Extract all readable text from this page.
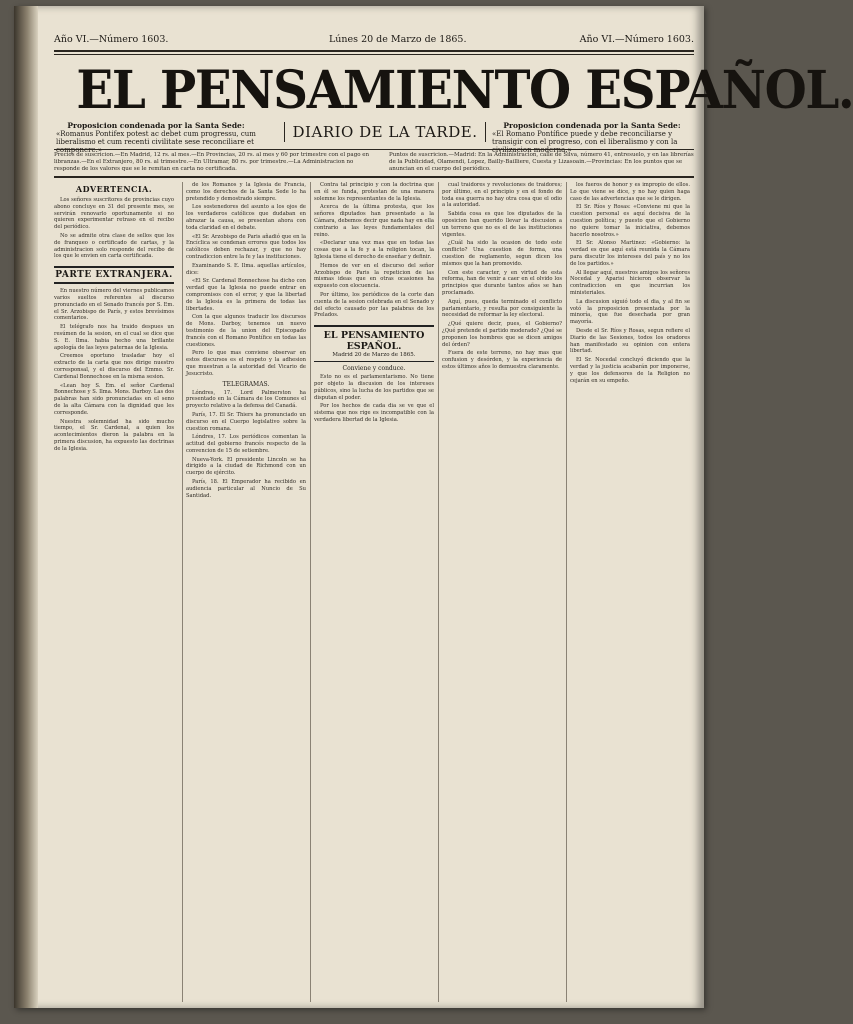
Año VI.—Número 1603.	Lúnes 20 de Marzo de 1865.	Año VI.—Número 1603.
EL PENSAMIENTO ESPAÑOL.
Proposicion condenada por la Santa Sede:
«Romanus Pontifex potest ac debet cum progressu, cum liberalismo et cum recenti civilitate sese reconciliare et componere.»
DIARIO DE LA TARDE.	Proposicion condenada por la Santa Sede:
«El Romano Pontífice puede y debe reconciliarse y transigir con el progreso, con el liberalismo y con la civilizacion moderna.»
Precios de suscricion.—En Madrid, 12 rs. al mes.—En Provincias, 20 rs. al mes y 60 por trimestre con el pago en libranzas.—En el Extranjero, 80 rs. al trimestre.—En Ultramar, 80 rs. por trimestre.—La Administracion no responde de los valores que se le remitan en carta no certificada.
Puntos de suscricion.—Madrid: En la Administracion, calle de Silva, número 41, entresuelo, y en las librerías de la Publicidad, Olamendi, Lopez, Bailly-Bailliere, Cuesta y Lizasoain.—Provincias: En los puntos que se anuncian en el cuerpo del periódico.
ADVERTENCIA.

Los señores suscritores de provincias cuyo abono concluye en 31 del presente mes, se servirán renovarlo oportunamente si no quieren experimentar retraso en el recibo del periódico.

No se admite otra clase de sellos que los de franqueo o certificado de cartas, y la administracion solo responde del recibo de los que le envien en carta certificada.

PARTE EXTRANJERA.

En nuestro número del viernes publicamos varios sueltos referentes al discurso pronunciado en el Senado francés por S. Em. el Sr. Arzobispo de París, y estos brevísimos comentarios.

El telégrafo nos ha traido despues un resúmen de la sesion, en el cual se dice que S. E. Ilma. habia hecho una brillante apología de las leyes paternas de la Iglesia.

Creemos oportuno trasladar hoy el extracto de la carta que nos dirige nuestro corresponsal, y el discurso del Emmo. Sr. Cardenal Bonnechose en la misma sesion.

«Lean hoy S. Em. el señor Cardenal Bonnechose y S. Ilma. Mons. Darboy. Las dos palabras han sido pronunciadas en el seno de la alta Cámara con la dignidad que les corresponde.

Nuestra solemnidad ha sido mucho tiempo, el Sr. Cardenal, a quien los acontecimientos dieron la palabra en la primera discusion, ha expuesto las doctrinas de la Iglesia.

de los Romanos y la Iglesia de Francia, como los derechos de la Santa Sede lo ha pretendido y demostrado siempre.

Los sostenedores del asunto a los ojos de los verdaderos católicos que dudaban en abrazar la causa, se presentan ahora con toda claridad en el debate.

«El Sr. Arzobispo de Paris añadió que en la Encíclica se condenan errores que todos los católicos deben rechazar, y que no hay contradiccion entre la fe y las instituciones.

Examinando S. E. Ilma. aquellas artículos, dice:

«El Sr. Cardenal Bonnechose ha dicho con verdad que la Iglesia no puede entrar en compromisos con el error, y que la libertad de la Iglesia es la primera de todas las libertades.

Con la que algunos traducir los discursos de Mons. Darboy, tenemos un nuevo testimonio de la union del Episcopado francés con el Romano Pontífice en todas las cuestiones.

Pero lo que mas conviene observar en estos discursos es el respeto y la adhesion que muestran a la autoridad del Vicario de Jesucristo.

TELEGRAMAS.

Lóndres, 17. Lord Palmerston ha presentado en la Cámara de los Comunes el proyecto relativo a la defensa del Canadá.

París, 17. El Sr. Thiers ha pronunciado un discurso en el Cuerpo legislativo sobre la cuestion romana.

Lóndres, 17. Los periódicos comentan la actitud del gobierno francés respecto de la convencion de 15 de setiembre.

Nueva-York. El presidente Lincoln se ha dirigido a la ciudad de Richmond con un cuerpo de ejército.

París, 18. El Emperador ha recibido en audiencia particular al Nuncio de Su Santidad.

Contra tal principio y con la doctrina que en él se funda, protestan de una manera solemne los representantes de la Iglesia.

Acerca de la última protesta, que los señores diputados han presentado a la Cámara, debemos decir que nada hay en ella contrario a las leyes fundamentales del reino.

«Declarar una vez mas que en todas las cosas que a la fe y a la religion tocan, la Iglesia tiene el derecho de enseñar y definir.

Hemos de ver en el discurso del señor Arzobispo de Paris la repeticion de las mismas ideas que en otras ocasiones ha expuesto con elocuencia.

Por último, los periódicos de la corte dan cuenta de la sesion celebrada en el Senado y del efecto causado por las palabras de los Prelados.

EL PENSAMIENTO ESPAÑOL.
Madrid 20 de Marzo de 1865.
Conviene y conduce.

Esto no es el parlamentarismo. No tiene por objeto la discusion de los intereses públicos, sino la lucha de los partidos que se disputan el poder.

Por los hechos de cada dia se ve que el sistema que nos rige es incompatible con la verdadera libertad de la Iglesia.

cual traidores y revoluciones de traidores; por último, en el principio y en el fondo de toda esa guerra no hay otra cosa que el odio a la autoridad.

Sabida cosa es que los diputados de la oposicion han querido llevar la discusion a un terreno que no es el de las instituciones vigentes.

¿Cuál ha sido la ocasion de todo este conflicto? Una cuestion de forma, una cuestion de reglamento, segun dicen los mismos que la han promovido.

Con este caracter, y en virtud de esta reforma, han de venir a caer en el olvido los principios que durante tantos años se han proclamado.

Aquí, pues, queda terminado el conflicto parlamentario, y resulta por consiguiente la necesidad de reformar la ley electoral.

¿Qué quiere decir, pues, el Gobierno? ¿Qué pretende el partido moderado? ¿Qué se proponen los hombres que se dicen amigos del órden?

Fuera de este terreno, no hay mas que confusion y desórden, y la experiencia de estos últimos años lo demuestra claramente.

los fueros de honor y es impropio de ellos. Lo que viene se dice, y no hay quien haga caso de las advertencias que se le dirigen.

El Sr. Ríos y Rosas: «Conviene mi que la cuestion personal es aquí decisiva de la cuestion política; y puesto que el Gobierno no quiere tomar la iniciativa, debemos hacerlo nosotros.»

El Sr. Alonso Martinez: «Gobierno: la verdad es que aquí está reunida la Cámara para discutir los intereses del país y no los de los partidos.»

Al llegar aquí, nuestros amigos los señores Nocedal y Aparisi hicieron observar la contradiccion en que incurrian los ministeriales.

La discusion siguió todo el dia, y al fin se votó la proposicion presentada por la minoría, que fue desechada por gran mayoría.

Desde el Sr. Ríos y Rosas, segun refiere el Diario de las Sesiones, todos los oradores han manifestado su opinion con entera libertad.

El Sr. Nocedal concluyó diciendo que la verdad y la justicia acabarán por imponerse, y que los defensores de la Religion no cejarán en su empeño.
